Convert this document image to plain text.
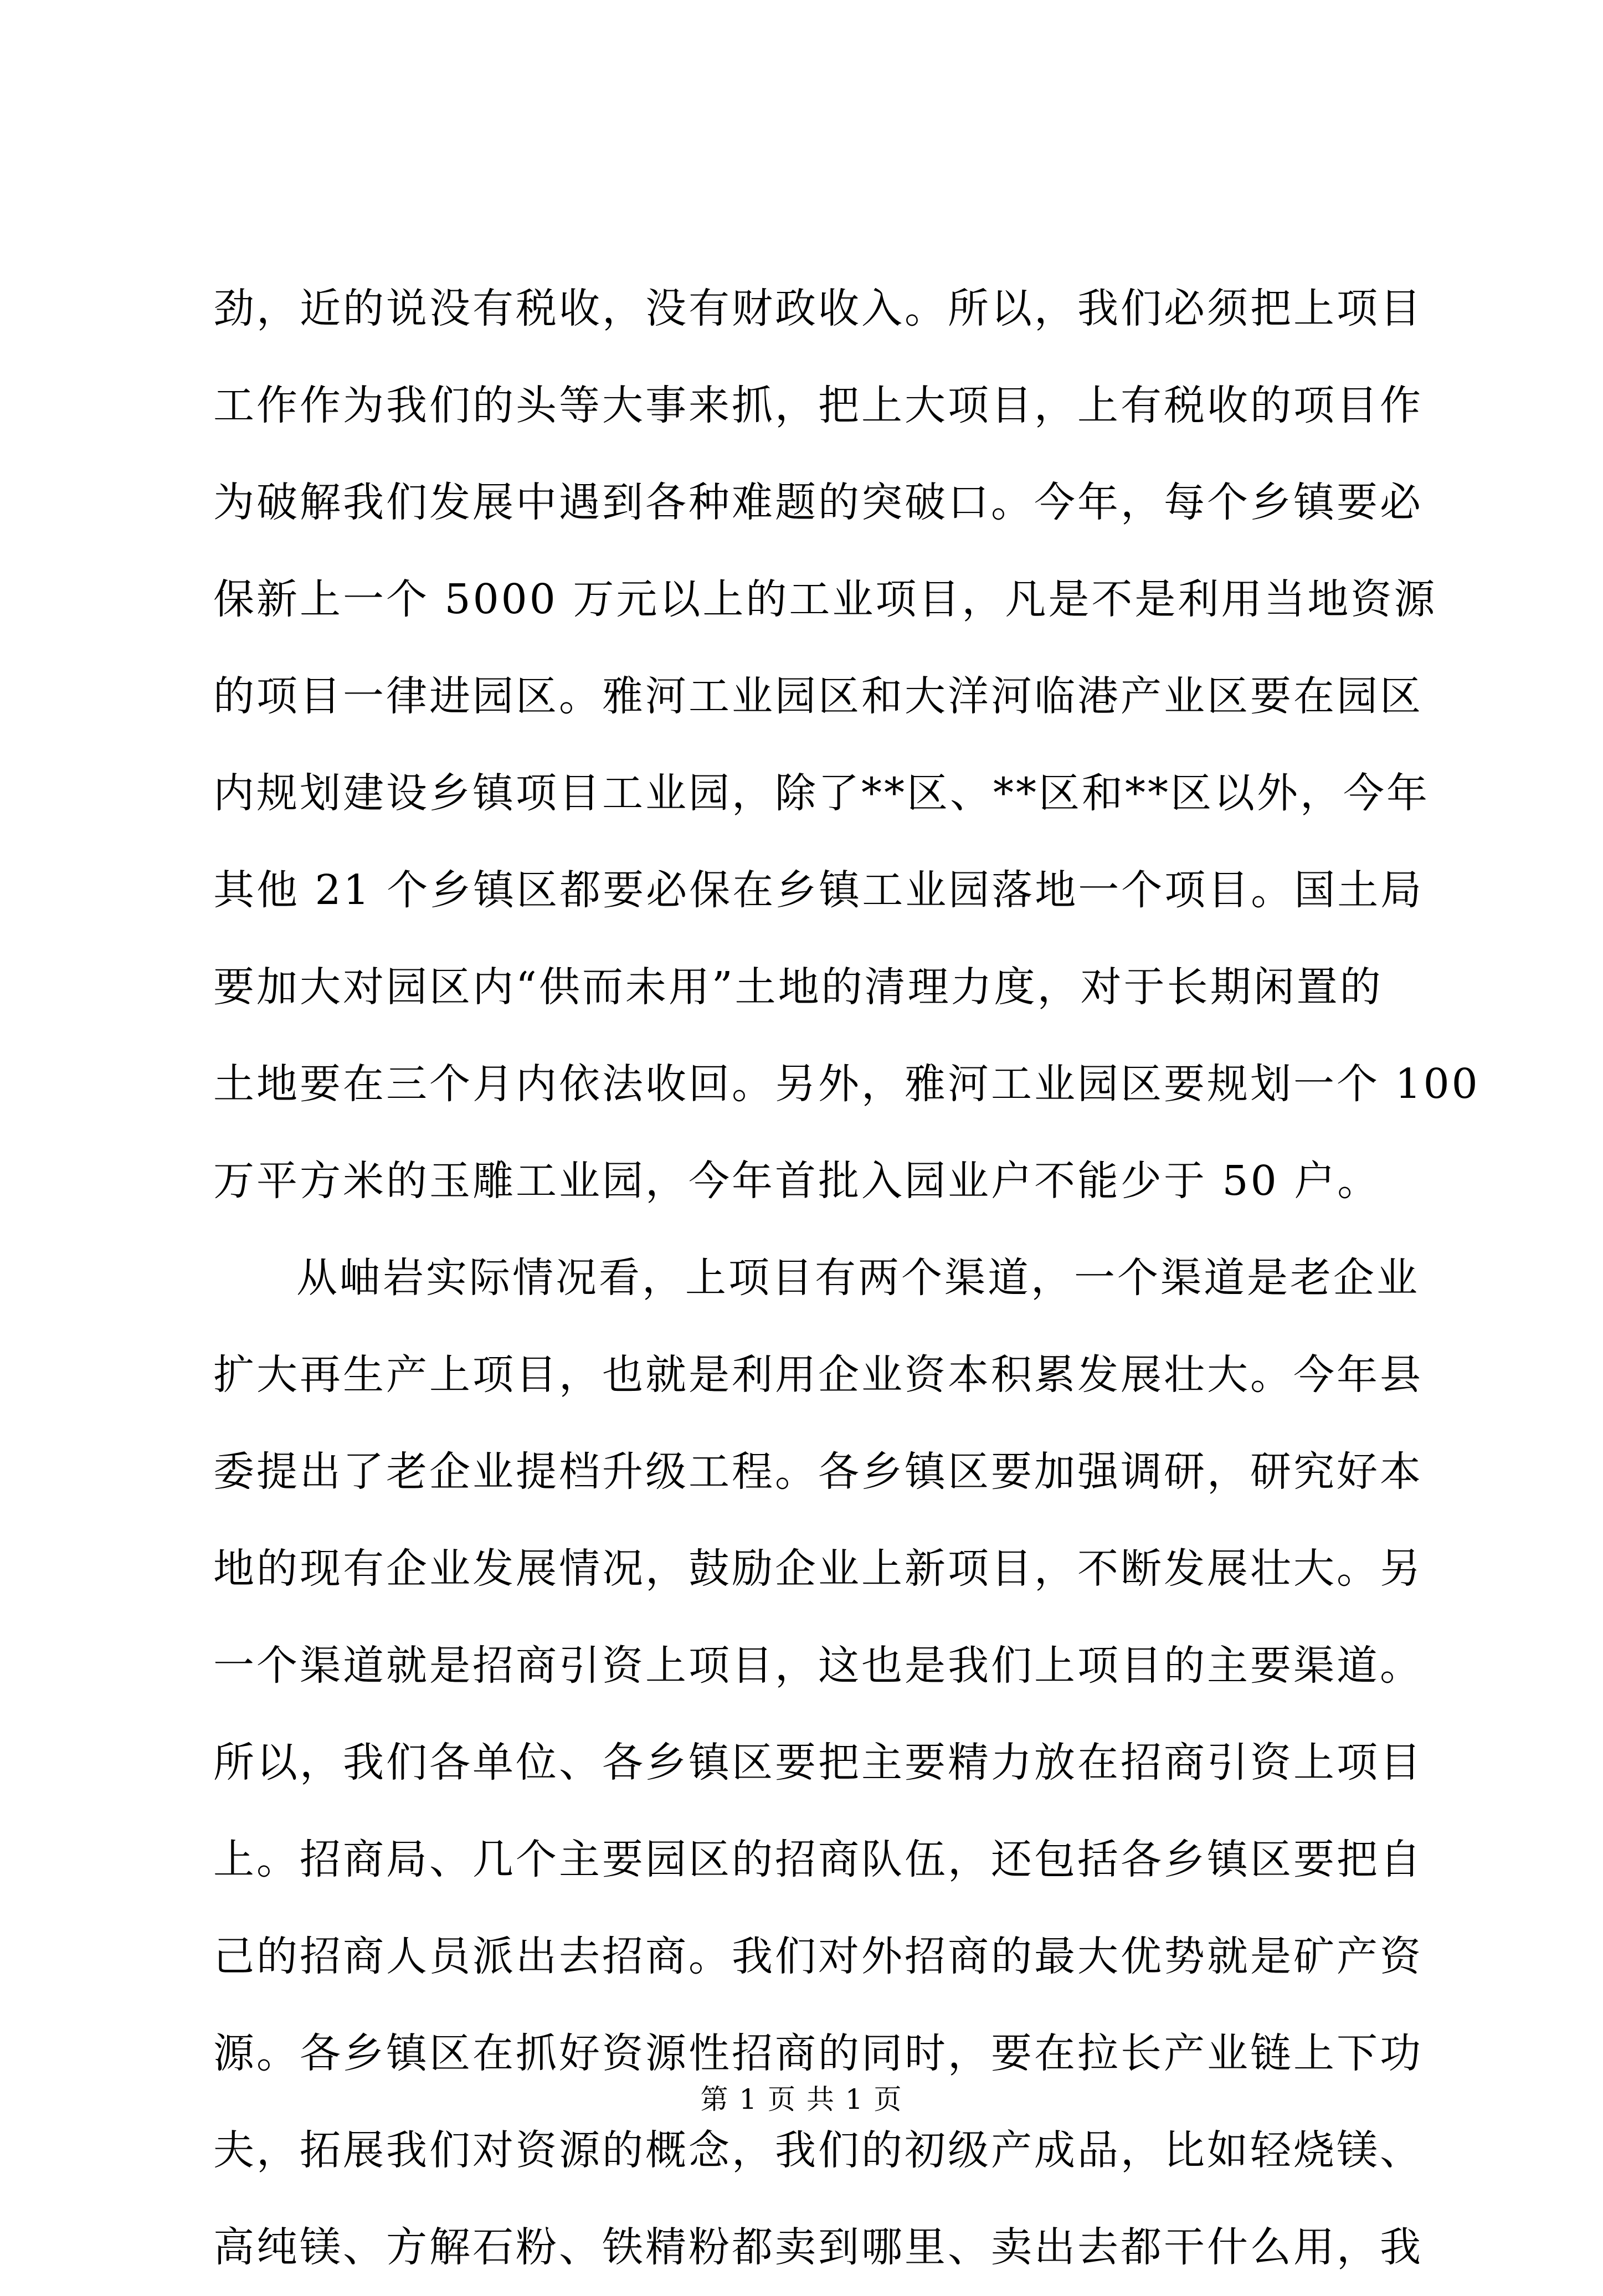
劲，近的说没有税收，没有财政收入。所以，我们必须把上项目
工作作为我们的头等大事来抓，把上大项目，上有税收的项目作
为破解我们发展中遇到各种难题的突破口。今年，每个乡镇要必
保新上一个 5000 万元以上的工业项目，凡是不是利用当地资源
的项目一律进园区。雅河工业园区和大洋河临港产业区要在园区
内规划建设乡镇项目工业园，除了**区、**区和**区以外，今年
其他 21 个乡镇区都要必保在乡镇工业园落地一个项目。国土局
要加大对园区内“供而未用”土地的清理力度，对于长期闲置的
土地要在三个月内依法收回。另外，雅河工业园区要规划一个 100
万平方米的玉雕工业园，今年首批入园业户不能少于 50 户。
从岫岩实际情况看，上项目有两个渠道，一个渠道是老企业
扩大再生产上项目，也就是利用企业资本积累发展壮大。今年县
委提出了老企业提档升级工程。各乡镇区要加强调研，研究好本
地的现有企业发展情况，鼓励企业上新项目，不断发展壮大。另
一个渠道就是招商引资上项目，这也是我们上项目的主要渠道。
所以，我们各单位、各乡镇区要把主要精力放在招商引资上项目
上。招商局、几个主要园区的招商队伍，还包括各乡镇区要把自
己的招商人员派出去招商。我们对外招商的最大优势就是矿产资
源。各乡镇区在抓好资源性招商的同时，要在拉长产业链上下功
夫，拓展我们对资源的概念，我们的初级产成品，比如轻烧镁、
高纯镁、方解石粉、铁精粉都卖到哪里、卖出去都干什么用，我
第 1 页 共 1 页
